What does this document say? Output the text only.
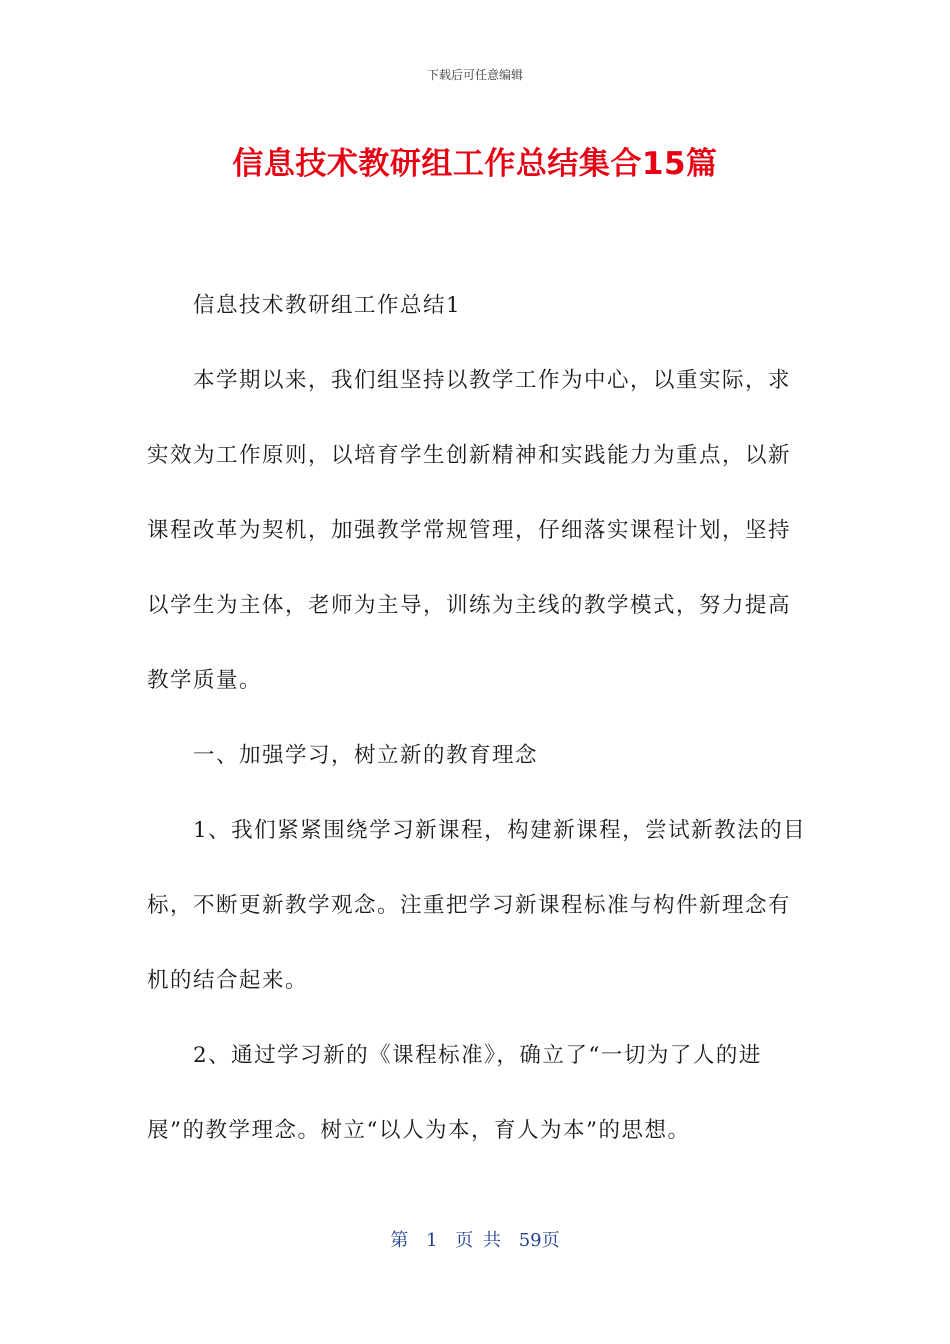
下载后可任意编辑
信息技术教研组工作总结集合15篇

信息技术教研组工作总结1

本学期以来，我们组坚持以教学工作为中心，以重实际，求实效为工作原则，以培育学生创新精神和实践能力为重点，以新课程改革为契机，加强教学常规管理，仔细落实课程计划，坚持以学生为主体，老师为主导，训练为主线的教学模式，努力提高教学质量。

一、加强学习，树立新的教育理念

1、我们紧紧围绕学习新课程，构建新课程，尝试新教法的目标，不断更新教学观念。注重把学习新课程标准与构件新理念有机的结合起来。

2、通过学习新的《课程标准》，确立了“一切为了人的进展”的教学理念。树立“以人为本，育人为本”的思想。

第 1 页 共 59页
